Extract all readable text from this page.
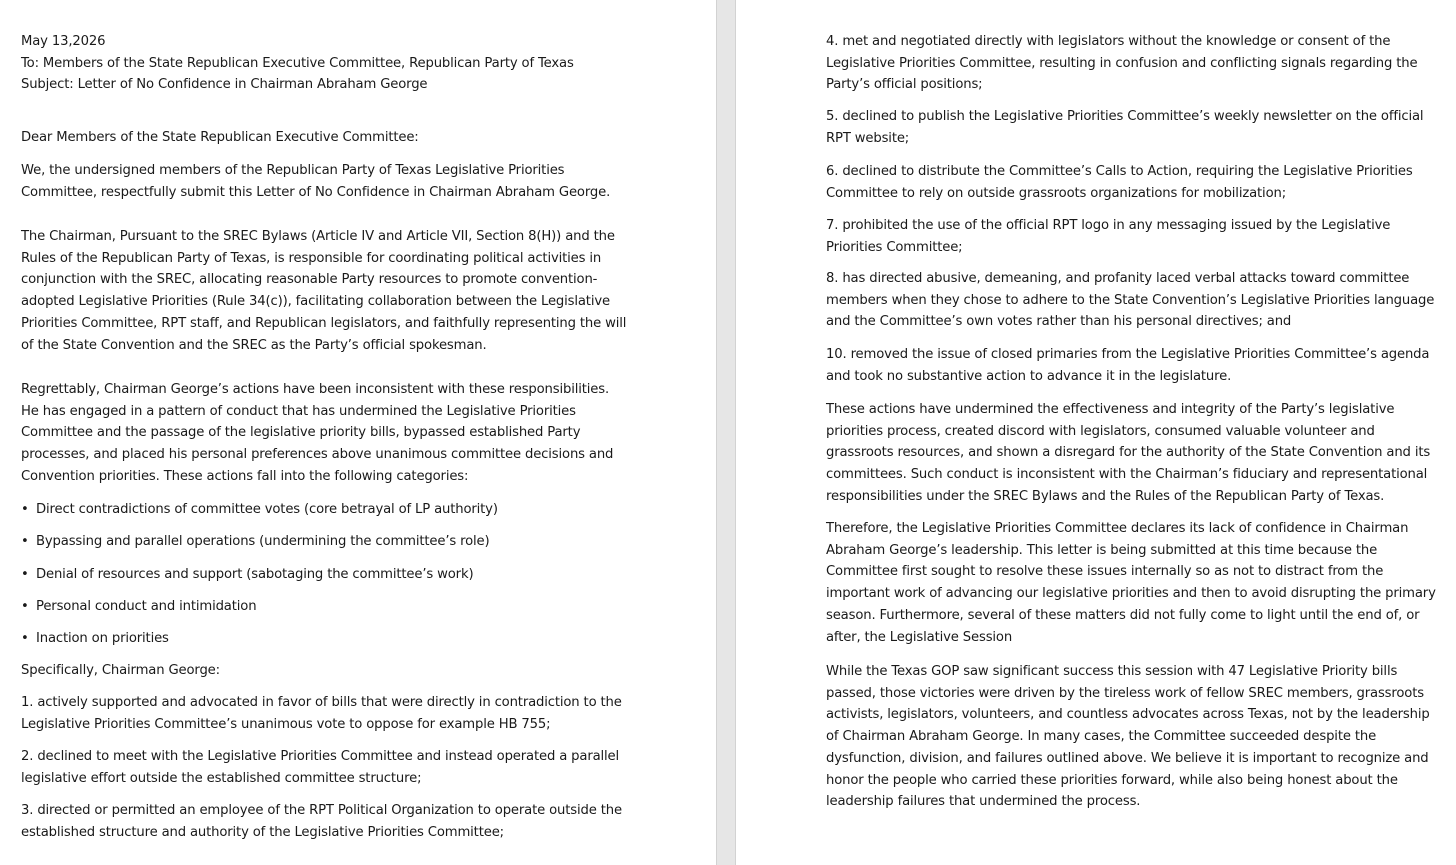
May 13,2026

To: Members of the State Republican Executive Committee, Republican Party of Texas

Subject: Letter of No Confidence in Chairman Abraham George

Dear Members of the State Republican Executive Committee:

We, the undersigned members of the Republican Party of Texas Legislative Priorities Committee, respectfully submit this Letter of No Confidence in Chairman Abraham George.

The Chairman, Pursuant to the SREC Bylaws (Article IV and Article VII, Section 8(H)) and the Rules of the Republican Party of Texas, is responsible for coordinating political activities in conjunction with the SREC, allocating reasonable Party resources to promote convention-adopted Legislative Priorities (Rule 34(c)), facilitating collaboration between the Legislative Priorities Committee, RPT staff, and Republican legislators, and faithfully representing the will of the State Convention and the SREC as the Party’s official spokesman.

Regrettably, Chairman George’s actions have been inconsistent with these responsibilities. He has engaged in a pattern of conduct that has undermined the Legislative Priorities Committee and the passage of the legislative priority bills, bypassed established Party processes, and placed his personal preferences above unanimous committee decisions and Convention priorities. These actions fall into the following categories:

• Direct contradictions of committee votes (core betrayal of LP authority)

• Bypassing and parallel operations (undermining the committee’s role)

• Denial of resources and support (sabotaging the committee’s work)

• Personal conduct and intimidation

• Inaction on priorities

Specifically, Chairman George:

1. actively supported and advocated in favor of bills that were directly in contradiction to the Legislative Priorities Committee’s unanimous vote to oppose for example HB 755;

2. declined to meet with the Legislative Priorities Committee and instead operated a parallel legislative effort outside the established committee structure;

3. directed or permitted an employee of the RPT Political Organization to operate outside the established structure and authority of the Legislative Priorities Committee;

4. met and negotiated directly with legislators without the knowledge or consent of the Legislative Priorities Committee, resulting in confusion and conflicting signals regarding the Party’s official positions;

5. declined to publish the Legislative Priorities Committee’s weekly newsletter on the official RPT website;

6. declined to distribute the Committee’s Calls to Action, requiring the Legislative Priorities Committee to rely on outside grassroots organizations for mobilization;

7. prohibited the use of the official RPT logo in any messaging issued by the Legislative Priorities Committee;

8. has directed abusive, demeaning, and profanity laced verbal attacks toward committee members when they chose to adhere to the State Convention’s Legislative Priorities language and the Committee’s own votes rather than his personal directives; and

10. removed the issue of closed primaries from the Legislative Priorities Committee’s agenda and took no substantive action to advance it in the legislature.

These actions have undermined the effectiveness and integrity of the Party’s legislative priorities process, created discord with legislators, consumed valuable volunteer and grassroots resources, and shown a disregard for the authority of the State Convention and its committees. Such conduct is inconsistent with the Chairman’s fiduciary and representational responsibilities under the SREC Bylaws and the Rules of the Republican Party of Texas.

Therefore, the Legislative Priorities Committee declares its lack of confidence in Chairman Abraham George’s leadership. This letter is being submitted at this time because the Committee first sought to resolve these issues internally so as not to distract from the important work of advancing our legislative priorities and then to avoid disrupting the primary season. Furthermore, several of these matters did not fully come to light until the end of, or after, the Legislative Session

While the Texas GOP saw significant success this session with 47 Legislative Priority bills passed, those victories were driven by the tireless work of fellow SREC members, grassroots activists, legislators, volunteers, and countless advocates across Texas, not by the leadership of Chairman Abraham George. In many cases, the Committee succeeded despite the dysfunction, division, and failures outlined above. We believe it is important to recognize and honor the people who carried these priorities forward, while also being honest about the leadership failures that undermined the process.
